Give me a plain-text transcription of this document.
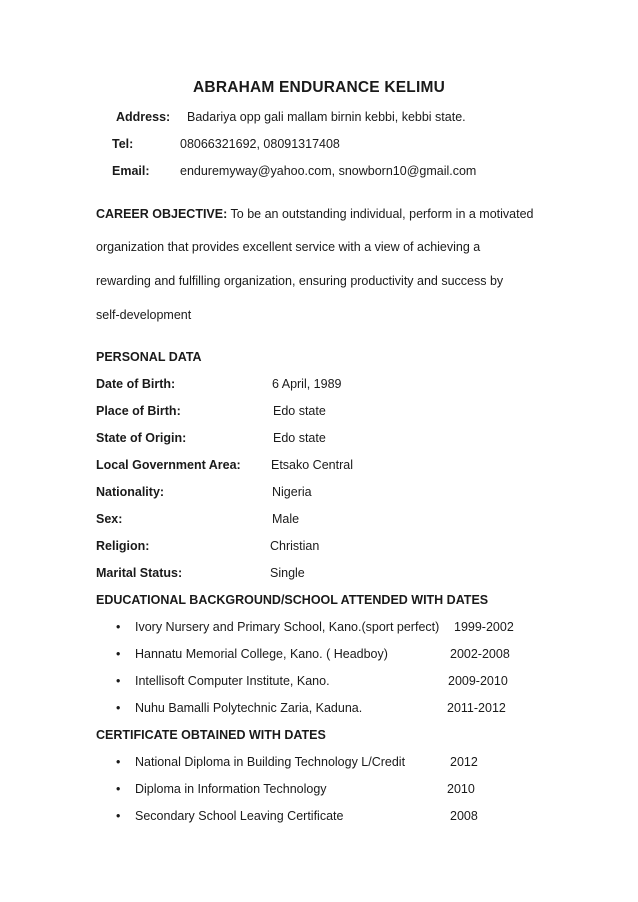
ABRAHAM ENDURANCE KELIMU
Address: Badariya opp gali mallam birnin kebbi, kebbi state.
Tel:	08066321692, 08091317408
Email: enduremyway@yahoo.com, snowborn10@gmail.com
CAREER OBJECTIVE: To be an outstanding individual, perform in a motivated
organization that provides excellent service with a view of achieving a
rewarding and fulfilling organization, ensuring productivity and success by
self-development
PERSONAL DATA
Date of Birth:	6 April, 1989
Place of Birth:	Edo state
State of Origin:	Edo state
Local Government Area: Etsako Central
Nationality:	Nigeria
Sex:	Male
Religion:	Christian
Marital Status:	Single
EDUCATIONAL BACKGROUND/SCHOOL ATTENDED WITH DATES
• Ivory Nursery and Primary School, Kano.(sport perfect) 1999-2002
• Hannatu Memorial College, Kano. ( Headboy)	2002-2008
• Intellisoft Computer Institute, Kano.	2009-2010
• Nuhu Bamalli Polytechnic Zaria, Kaduna.	2011-2012
CERTIFICATE OBTAINED WITH DATES
• National Diploma in Building Technology L/Credit	2012
• Diploma in Information Technology	2010
• Secondary School Leaving Certificate	2008
